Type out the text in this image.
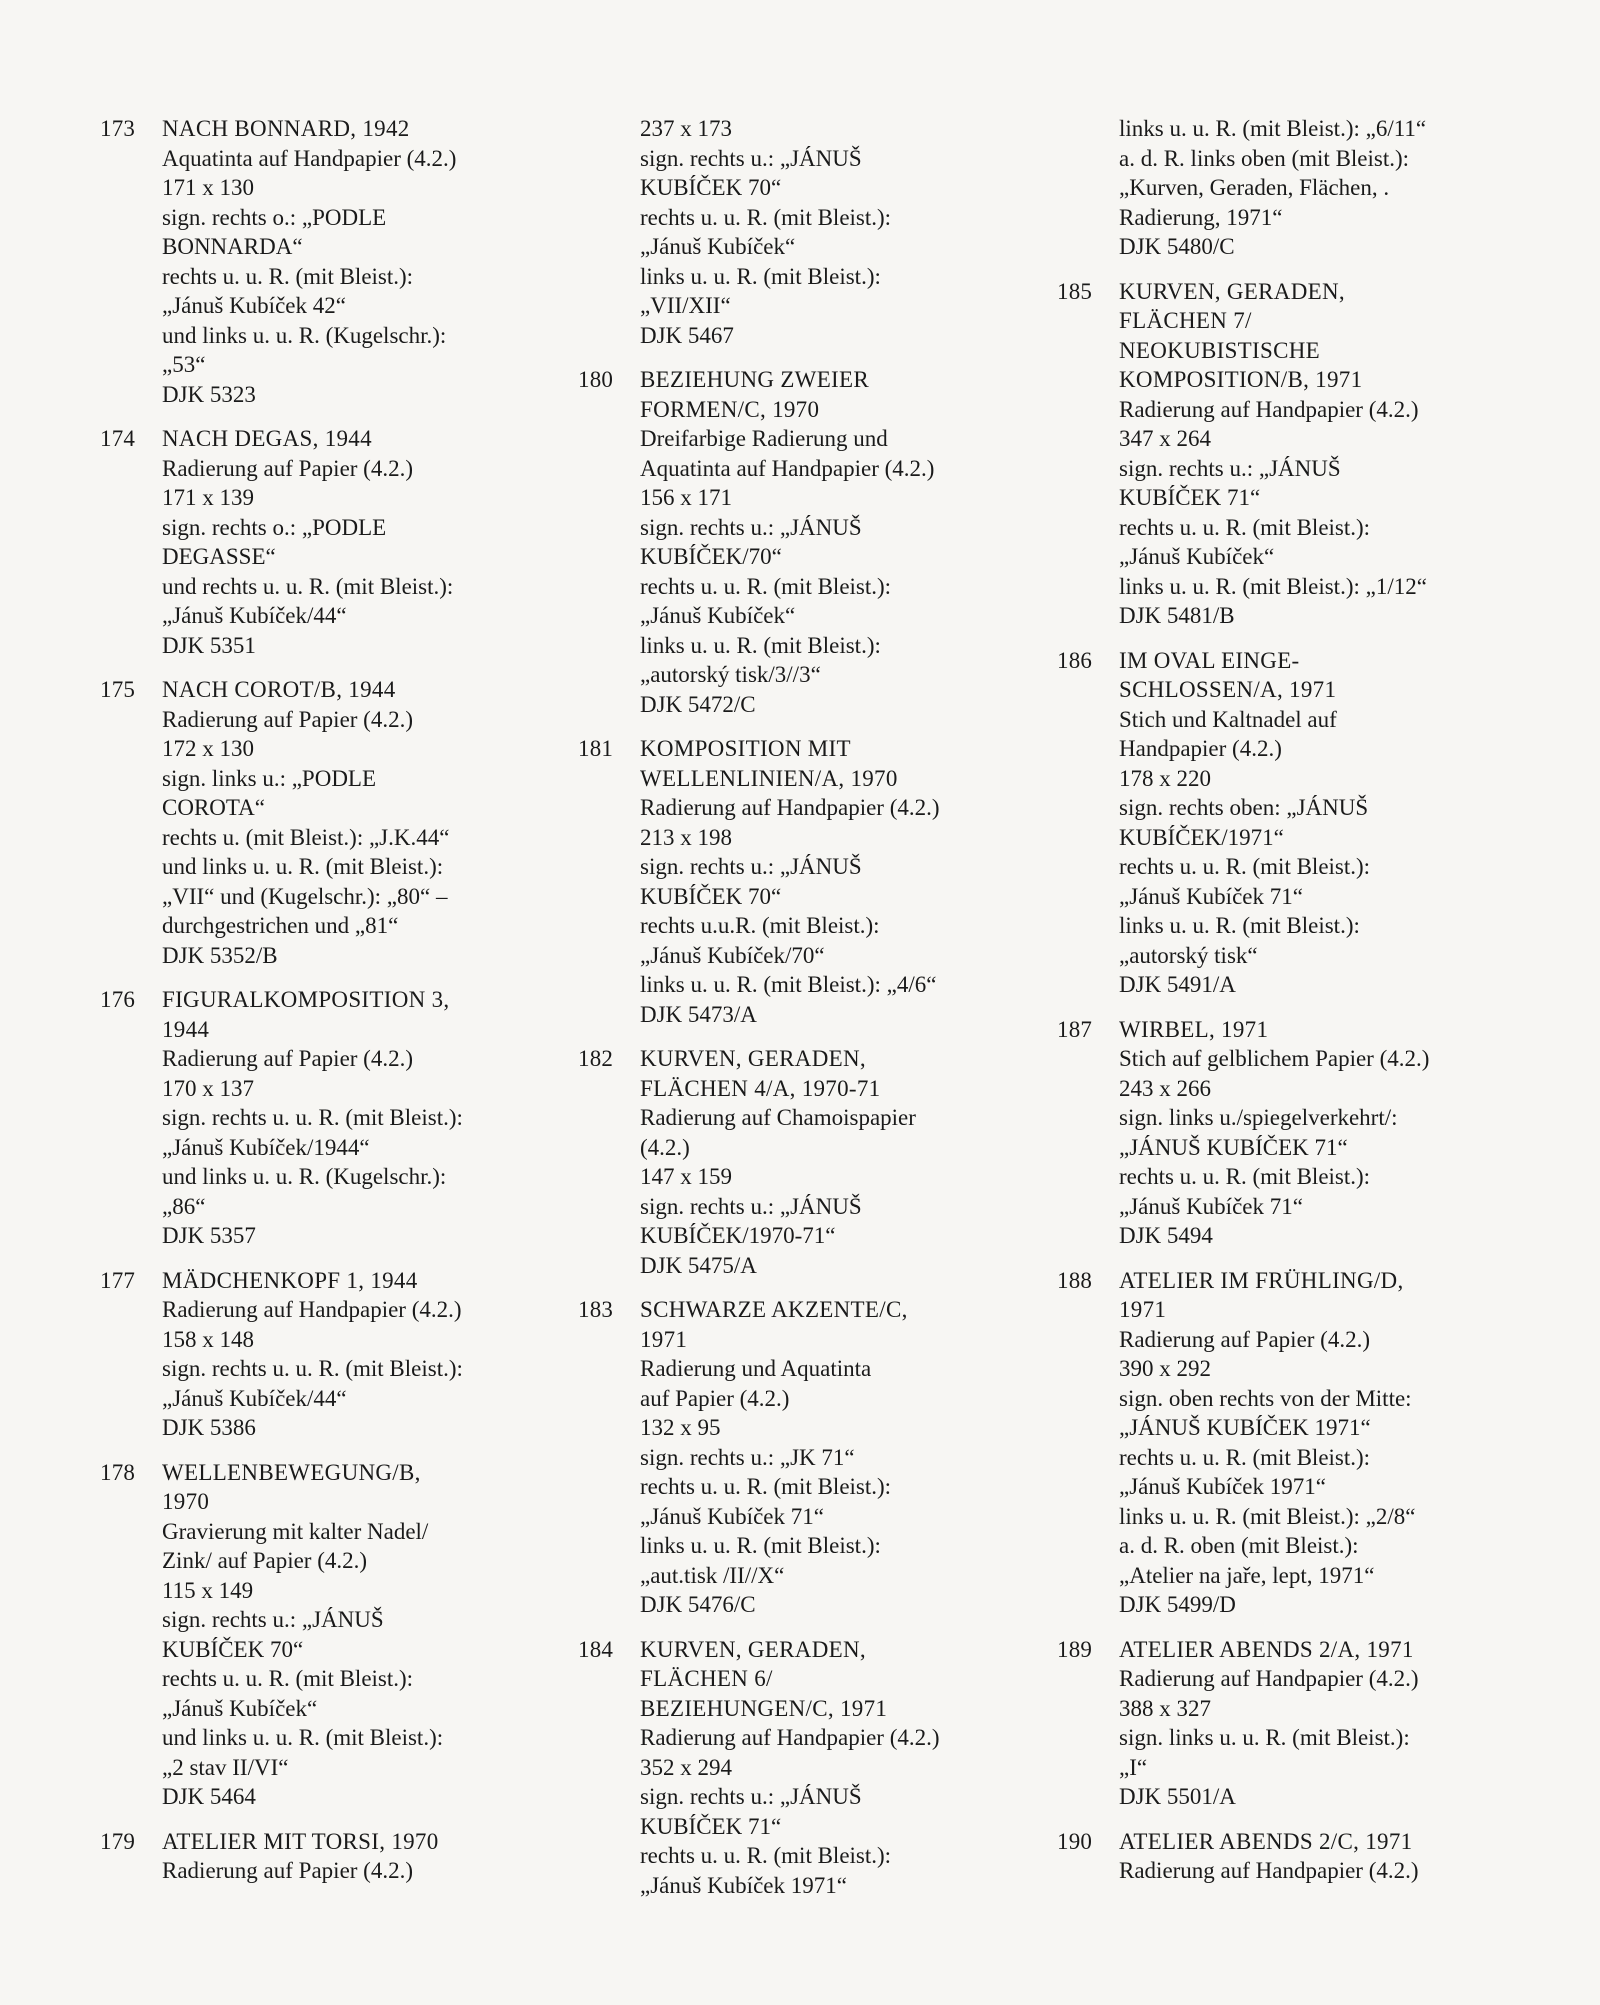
173	NACH BONNARD, 1942
Aquatinta auf Handpapier (4.2.)
171 x 130
sign. rechts o.: „PODLE
BONNARDA“
rechts u. u. R. (mit Bleist.):
„Jánuš Kubíček 42“
und links u. u. R. (Kugelschr.):
„53“
DJK 5323
174	NACH DEGAS, 1944
Radierung auf Papier (4.2.)
171 x 139
sign. rechts o.: „PODLE
DEGASSE“
und rechts u. u. R. (mit Bleist.):
„Jánuš Kubíček/44“
DJK 5351
175	NACH COROT/B, 1944
Radierung auf Papier (4.2.)
172 x 130
sign. links u.: „PODLE
COROTA“
rechts u. (mit Bleist.): „J.K.44“
und links u. u. R. (mit Bleist.):
„VII“ und (Kugelschr.): „80“ –
durchgestrichen und „81“
DJK 5352/B
176	FIGURALKOMPOSITION 3,
1944
Radierung auf Papier (4.2.)
170 x 137
sign. rechts u. u. R. (mit Bleist.):
„Jánuš Kubíček/1944“
und links u. u. R. (Kugelschr.):
„86“
DJK 5357
177	MÄDCHENKOPF 1, 1944
Radierung auf Handpapier (4.2.)
158 x 148
sign. rechts u. u. R. (mit Bleist.):
„Jánuš Kubíček/44“
DJK 5386
178	WELLENBEWEGUNG/B,
1970
Gravierung mit kalter Nadel/
Zink/ auf Papier (4.2.)
115 x 149
sign. rechts u.: „JÁNUŠ
KUBÍČEK 70“
rechts u. u. R. (mit Bleist.):
„Jánuš Kubíček“
und links u. u. R. (mit Bleist.):
„2 stav II/VI“
DJK 5464
179	ATELIER MIT TORSI, 1970
Radierung auf Papier (4.2.)
237 x 173
sign. rechts u.: „JÁNUŠ
KUBÍČEK 70“
rechts u. u. R. (mit Bleist.):
„Jánuš Kubíček“
links u. u. R. (mit Bleist.):
„VII/XII“
DJK 5467
180	BEZIEHUNG ZWEIER
FORMEN/C, 1970
Dreifarbige Radierung und
Aquatinta auf Handpapier (4.2.)
156 x 171
sign. rechts u.: „JÁNUŠ
KUBÍČEK/70“
rechts u. u. R. (mit Bleist.):
„Jánuš Kubíček“
links u. u. R. (mit Bleist.):
„autorský tisk/3//3“
DJK 5472/C
181	KOMPOSITION MIT
WELLENLINIEN/A, 1970
Radierung auf Handpapier (4.2.)
213 x 198
sign. rechts u.: „JÁNUŠ
KUBÍČEK 70“
rechts u.u.R. (mit Bleist.):
„Jánuš Kubíček/70“
links u. u. R. (mit Bleist.): „4/6“
DJK 5473/A
182	KURVEN, GERADEN,
FLÄCHEN 4/A, 1970-71
Radierung auf Chamoispapier
(4.2.)
147 x 159
sign. rechts u.: „JÁNUŠ
KUBÍČEK/1970-71“
DJK 5475/A
183	SCHWARZE AKZENTE/C,
1971
Radierung und Aquatinta
auf Papier (4.2.)
132 x 95
sign. rechts u.: „JK 71“
rechts u. u. R. (mit Bleist.):
„Jánuš Kubíček 71“
links u. u. R. (mit Bleist.):
„aut.tisk /II//X“
DJK 5476/C
184	KURVEN, GERADEN,
FLÄCHEN 6/
BEZIEHUNGEN/C, 1971
Radierung auf Handpapier (4.2.)
352 x 294
sign. rechts u.: „JÁNUŠ
KUBÍČEK 71“
rechts u. u. R. (mit Bleist.):
„Jánuš Kubíček 1971“
links u. u. R. (mit Bleist.): „6/11“
a. d. R. links oben (mit Bleist.):
„Kurven, Geraden, Flächen, .
Radierung, 1971“
DJK 5480/C
185	KURVEN, GERADEN,
FLÄCHEN 7/
NEOKUBISTISCHE
KOMPOSITION/B, 1971
Radierung auf Handpapier (4.2.)
347 x 264
sign. rechts u.: „JÁNUŠ
KUBÍČEK 71“
rechts u. u. R. (mit Bleist.):
„Jánuš Kubíček“
links u. u. R. (mit Bleist.): „1/12“
DJK 5481/B
186	IM OVAL EINGE-
SCHLOSSEN/A, 1971
Stich und Kaltnadel auf
Handpapier (4.2.)
178 x 220
sign. rechts oben: „JÁNUŠ
KUBÍČEK/1971“
rechts u. u. R. (mit Bleist.):
„Jánuš Kubíček 71“
links u. u. R. (mit Bleist.):
„autorský tisk“
DJK 5491/A
187	WIRBEL, 1971
Stich auf gelblichem Papier (4.2.)
243 x 266
sign. links u./spiegelverkehrt/:
„JÁNUŠ KUBÍČEK 71“
rechts u. u. R. (mit Bleist.):
„Jánuš Kubíček 71“
DJK 5494
188	ATELIER IM FRÜHLING/D,
1971
Radierung auf Papier (4.2.)
390 x 292
sign. oben rechts von der Mitte:
„JÁNUŠ KUBÍČEK 1971“
rechts u. u. R. (mit Bleist.):
„Jánuš Kubíček 1971“
links u. u. R. (mit Bleist.): „2/8“
a. d. R. oben (mit Bleist.):
„Atelier na jaře, lept, 1971“
DJK 5499/D
189	ATELIER ABENDS 2/A, 1971
Radierung auf Handpapier (4.2.)
388 x 327
sign. links u. u. R. (mit Bleist.):
„I“
DJK 5501/A
190	ATELIER ABENDS 2/C, 1971
Radierung auf Handpapier (4.2.)
